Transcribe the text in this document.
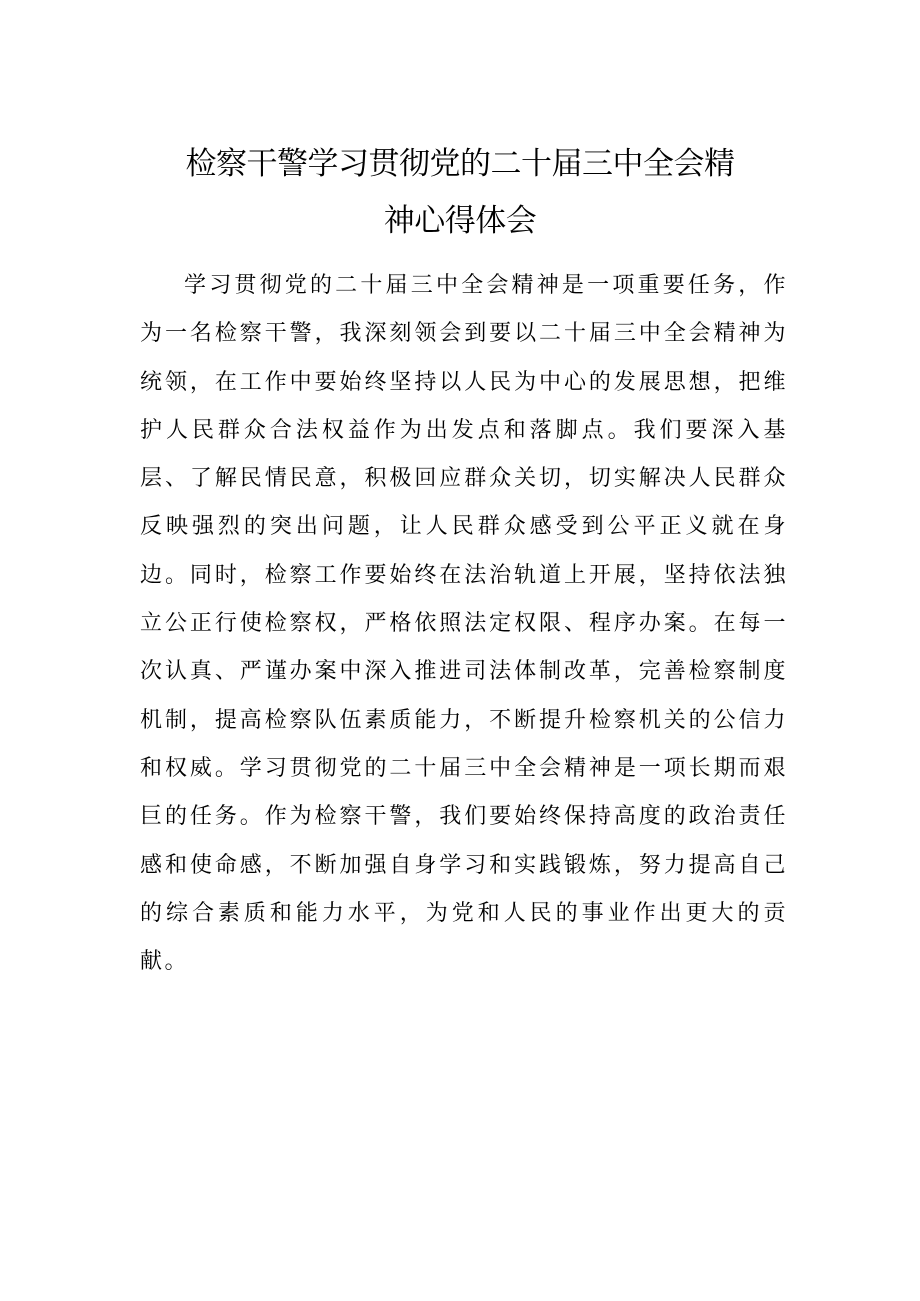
检察干警学习贯彻党的二十届三中全会精
神心得体会

学习贯彻党的二十届三中全会精神是一项重要任务，作为一名检察干警，我深刻领会到要以二十届三中全会精神为统领，在工作中要始终坚持以人民为中心的发展思想，把维护人民群众合法权益作为出发点和落脚点。我们要深入基层、了解民情民意，积极回应群众关切，切实解决人民群众反映强烈的突出问题，让人民群众感受到公平正义就在身边。同时，检察工作要始终在法治轨道上开展，坚持依法独立公正行使检察权，严格依照法定权限、程序办案。在每一次认真、严谨办案中深入推进司法体制改革，完善检察制度机制，提高检察队伍素质能力，不断提升检察机关的公信力和权威。学习贯彻党的二十届三中全会精神是一项长期而艰巨的任务。作为检察干警，我们要始终保持高度的政治责任感和使命感，不断加强自身学习和实践锻炼，努力提高自己的综合素质和能力水平，为党和人民的事业作出更大的贡献。
